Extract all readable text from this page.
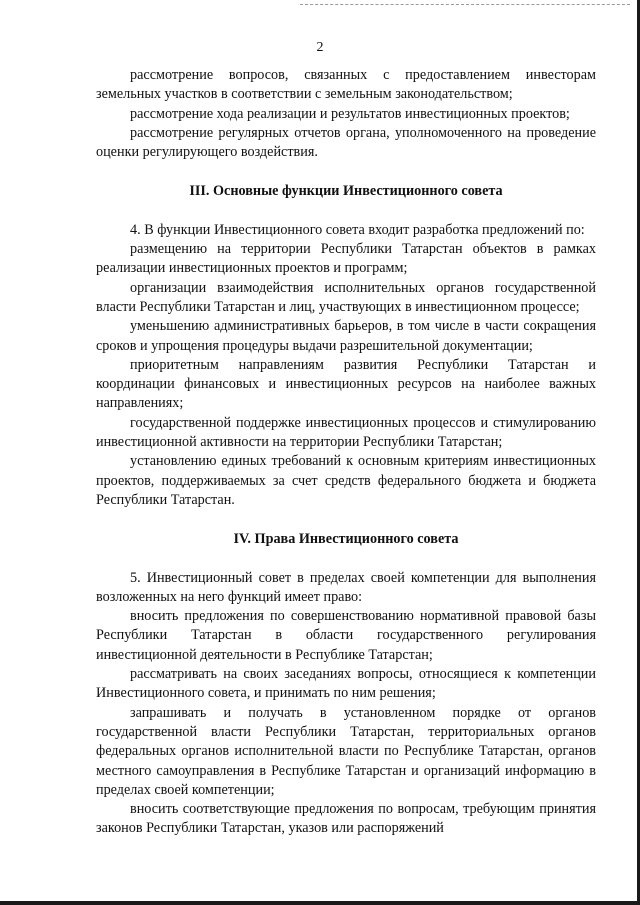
2

рассмотрение вопросов, связанных с предоставлением инвесторам земельных участков в соответствии с земельным законодательством;

рассмотрение хода реализации и результатов инвестиционных проектов;

рассмотрение регулярных отчетов органа, уполномоченного на проведение оценки регулирующего воздействия.

III. Основные функции Инвестиционного совета

4. В функции Инвестиционного совета входит разработка предложений по:

размещению на территории Республики Татарстан объектов в рамках реализации инвестиционных проектов и программ;

организации взаимодействия исполнительных органов государственной власти Республики Татарстан и лиц, участвующих в инвестиционном процессе;

уменьшению административных барьеров, в том числе в части сокращения сроков и упрощения процедуры выдачи разрешительной документации;

приоритетным направлениям развития Республики Татарстан и координации финансовых и инвестиционных ресурсов на наиболее важных направлениях;

государственной поддержке инвестиционных процессов и стимулированию инвестиционной активности на территории Республики Татарстан;

установлению единых требований к основным критериям инвестиционных проектов, поддерживаемых за счет средств федерального бюджета и бюджета Республики Татарстан.

IV. Права Инвестиционного совета

5. Инвестиционный совет в пределах своей компетенции для выполнения возложенных на него функций имеет право:

вносить предложения по совершенствованию нормативной правовой базы Республики Татарстан в области государственного регулирования инвестиционной деятельности в Республике Татарстан;

рассматривать на своих заседаниях вопросы, относящиеся к компетенции Инвестиционного совета, и принимать по ним решения;

запрашивать и получать в установленном порядке от органов государственной власти Республики Татарстан, территориальных органов федеральных органов исполнительной власти по Республике Татарстан, органов местного самоуправления в Республике Татарстан и организаций информацию в пределах своей компетенции;

вносить соответствующие предложения по вопросам, требующим принятия законов Республики Татарстан, указов или распоряжений
